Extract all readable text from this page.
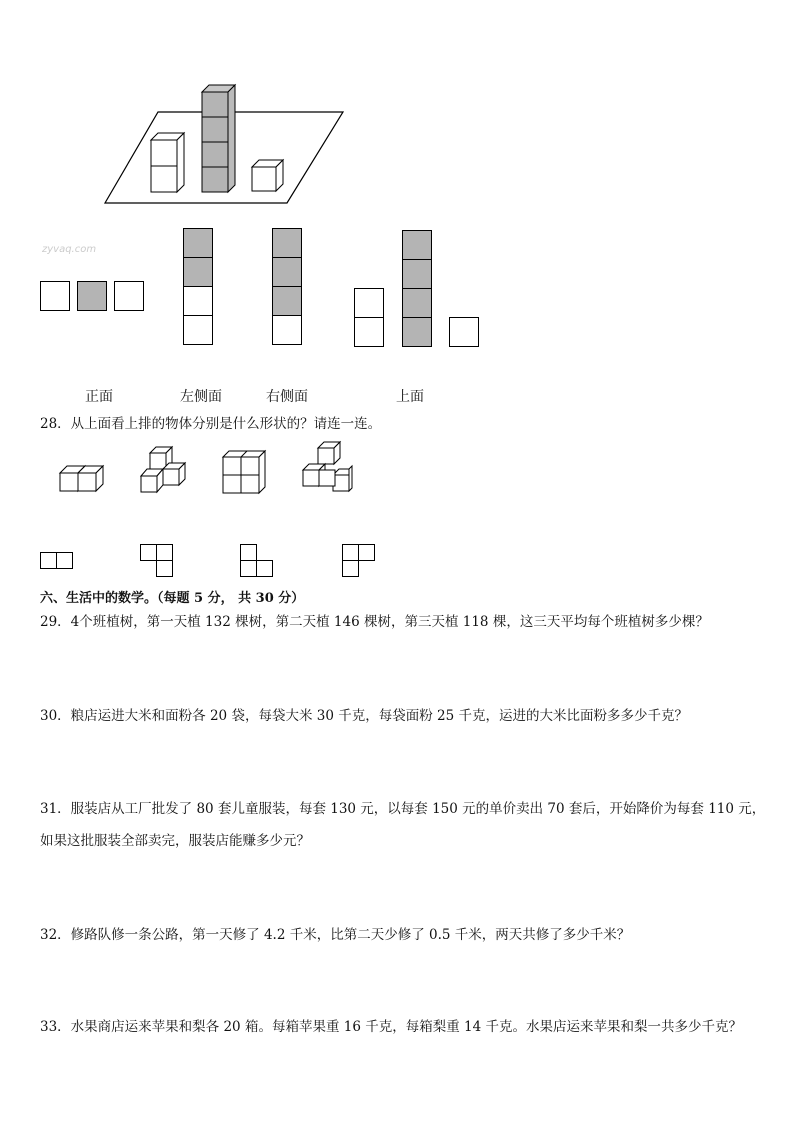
zyvaq.com
正面	左侧面	右侧面	上面
28．从上面看上排的物体分别是什么形状的？请连一连。
六、生活中的数学。（每题 5 分， 共 30 分）
29．4个班植树，第一天植 132 棵树，第二天植 146 棵树，第三天植 118 棵，这三天平均每个班植树多少棵？
30．粮店运进大米和面粉各 20 袋，每袋大米 30 千克，每袋面粉 25 千克，运进的大米比面粉多多少千克？
31．服装店从工厂批发了 80 套儿童服装，每套 130 元，以每套 150 元的单价卖出 70 套后，开始降价为每套 110 元，
如果这批服装全部卖完，服装店能赚多少元？
32．修路队修一条公路，第一天修了 4.2 千米，比第二天少修了 0.5 千米，两天共修了多少千米？
33．水果商店运来苹果和梨各 20 箱。每箱苹果重 16 千克，每箱梨重 14 千克。水果店运来苹果和梨一共多少千克？
